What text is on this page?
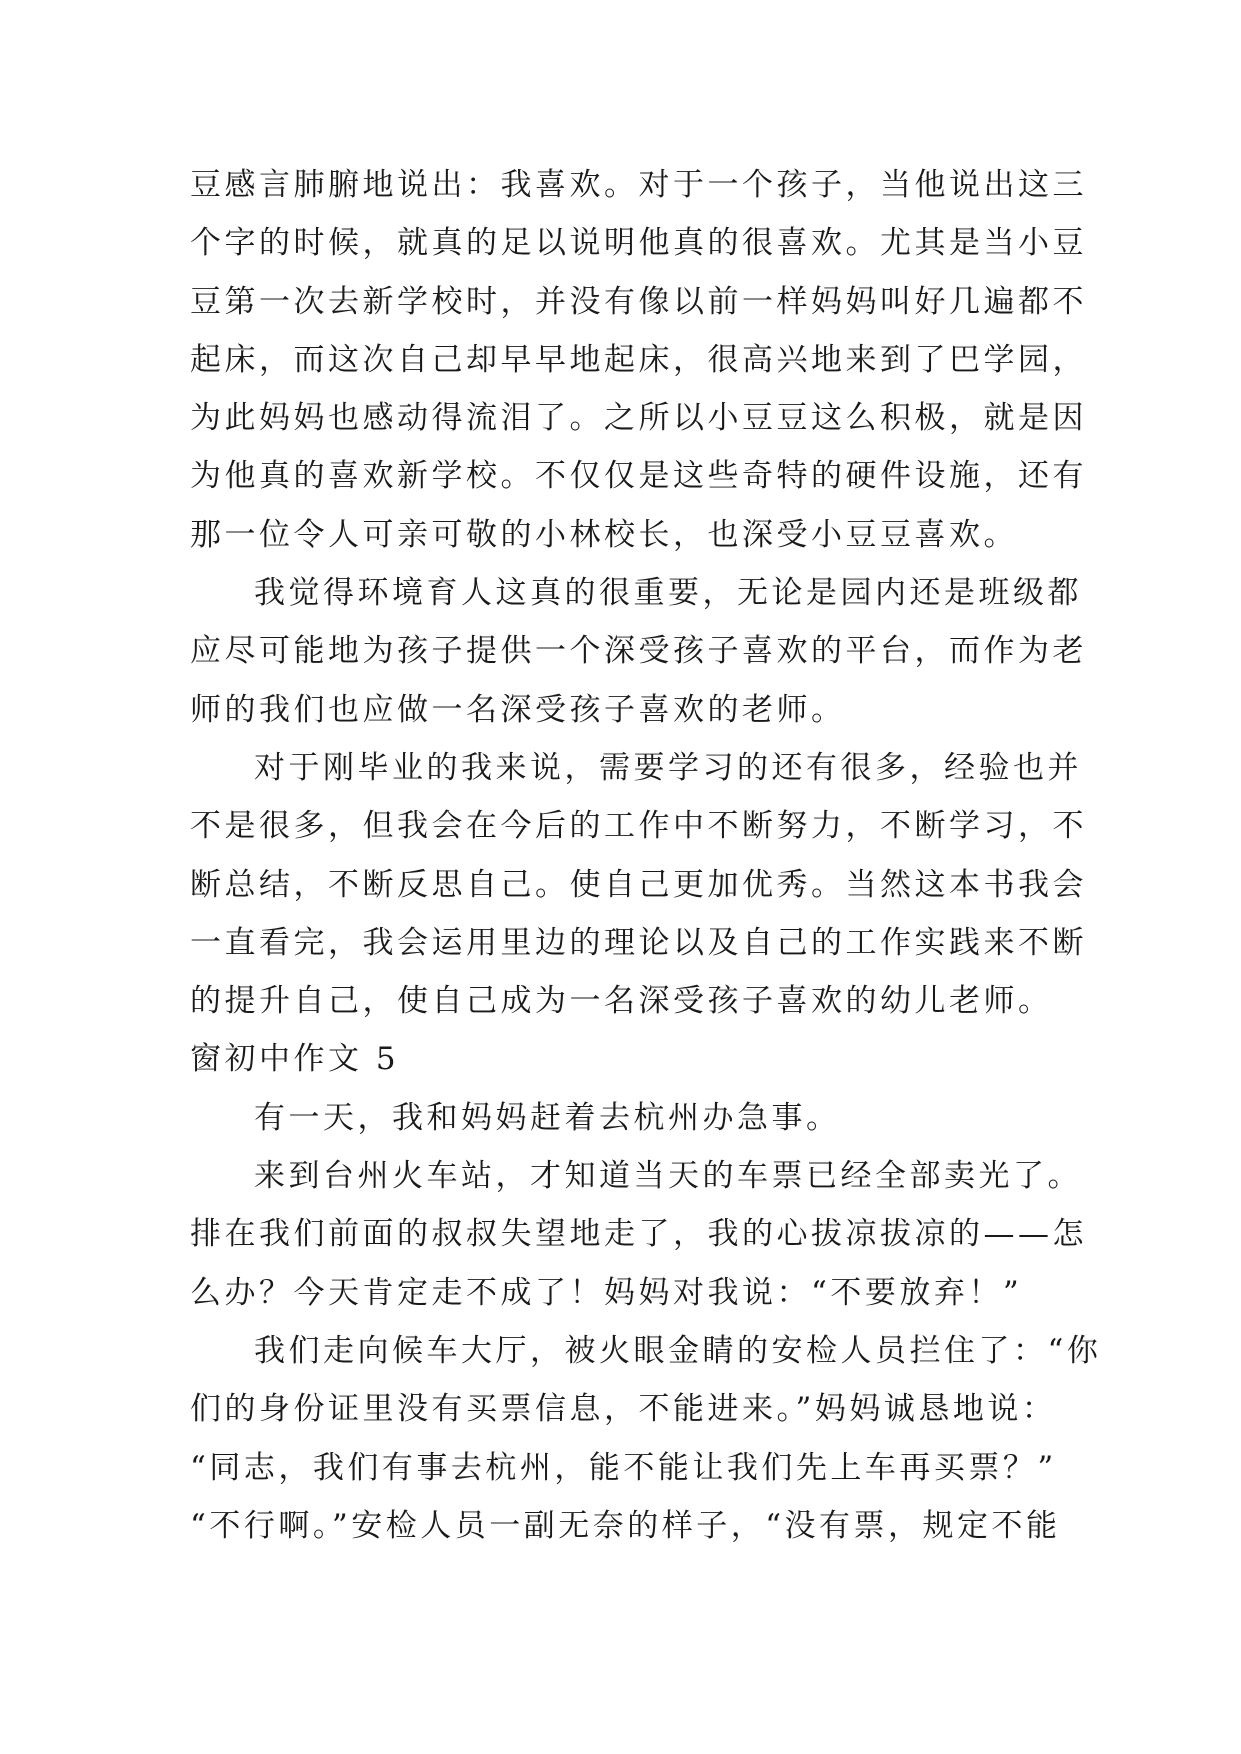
豆感言肺腑地说出：我喜欢。对于一个孩子，当他说出这三
个字的时候，就真的足以说明他真的很喜欢。尤其是当小豆
豆第一次去新学校时，并没有像以前一样妈妈叫好几遍都不
起床，而这次自己却早早地起床，很高兴地来到了巴学园，
为此妈妈也感动得流泪了。之所以小豆豆这么积极，就是因
为他真的喜欢新学校。不仅仅是这些奇特的硬件设施，还有
那一位令人可亲可敬的小林校长，也深受小豆豆喜欢。
我觉得环境育人这真的很重要，无论是园内还是班级都
应尽可能地为孩子提供一个深受孩子喜欢的平台，而作为老
师的我们也应做一名深受孩子喜欢的老师。
对于刚毕业的我来说，需要学习的还有很多，经验也并
不是很多，但我会在今后的工作中不断努力，不断学习，不
断总结，不断反思自己。使自己更加优秀。当然这本书我会
一直看完，我会运用里边的理论以及自己的工作实践来不断
的提升自己，使自己成为一名深受孩子喜欢的幼儿老师。
窗初中作文 5
有一天，我和妈妈赶着去杭州办急事。
来到台州火车站，才知道当天的车票已经全部卖光了。
排在我们前面的叔叔失望地走了，我的心拔凉拔凉的——怎
么办？今天肯定走不成了！妈妈对我说：“不要放弃！”
我们走向候车大厅，被火眼金睛的安检人员拦住了：“你
们的身份证里没有买票信息，不能进来。”妈妈诚恳地说：
“同志，我们有事去杭州，能不能让我们先上车再买票？”
“不行啊。”安检人员一副无奈的样子，“没有票，规定不能
